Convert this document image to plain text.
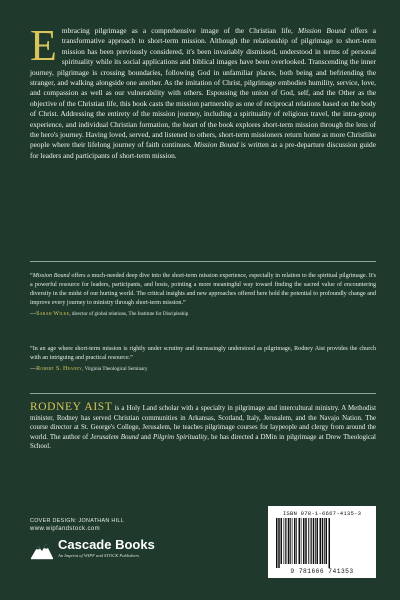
Embracing pilgrimage as a comprehensive image of the Christian life, Mission Bound offers a transformative approach to short-term mission. Although the relationship of pilgrimage to short-term mission has been previously considered, it's been invariably dismissed, understood in terms of personal spirituality while its social applications and biblical images have been overlooked. Transcending the inner journey, pilgrimage is crossing boundaries, following God in unfamiliar places, both being and befriending the stranger, and walking alongside one another. As the imitation of Christ, pilgrimage embodies humility, service, love, and compassion as well as our vulnerability with others. Espousing the union of God, self, and the Other as the objective of the Christian life, this book casts the mission partnership as one of reciprocal relations based on the body of Christ. Addressing the entirety of the mission journey, including a spirituality of religious travel, the intra-group experience, and individual Christian formation, the heart of the book explores short-term mission through the lens of the hero's journey. Having loved, served, and listened to others, short-term missioners return home as more Christlike people where their lifelong journey of faith continues. Mission Bound is written as a pre-departure discussion guide for leaders and participants of short-term mission.
“Mission Bound offers a much-needed deep dive into the short-term mission experience, especially in relation to the spiritual pilgrimage. It's a powerful resource for leaders, participants, and hosts, pointing a more meaningful way toward finding the sacred value of encountering diversity in the midst of our hurting world. The critical insights and new approaches offered here hold the potential to profoundly change and improve every journey to ministry through short-term mission.”
—Sarah Wilke, director of global relations, The Institute for Discipleship
“In an age where short-term mission is rightly under scrutiny and increasingly understood as pilgrimage, Rodney Aist provides the church with an intriguing and practical resource.”
—Robert S. Heaney, Virginia Theological Seminary
RODNEY AIST is a Holy Land scholar with a specialty in pilgrimage and intercultural ministry. A Methodist minister, Rodney has served Christian communities in Arkansas, Scotland, Italy, Jerusalem, and the Navajo Nation. The course director at St. George's College, Jerusalem, he teaches pilgrimage courses for laypeople and clergy from around the world. The author of Jerusalem Bound and Pilgrim Spirituality, he has directed a DMin in pilgrimage at Drew Theological School.
COVER DESIGN: JONATHAN HILL
www.wipfandstock.com
Cascade Books
An Imprint of WIPF and STOCK Publishers
ISBN 978-1-6667-4135-3
9 781666 741353
